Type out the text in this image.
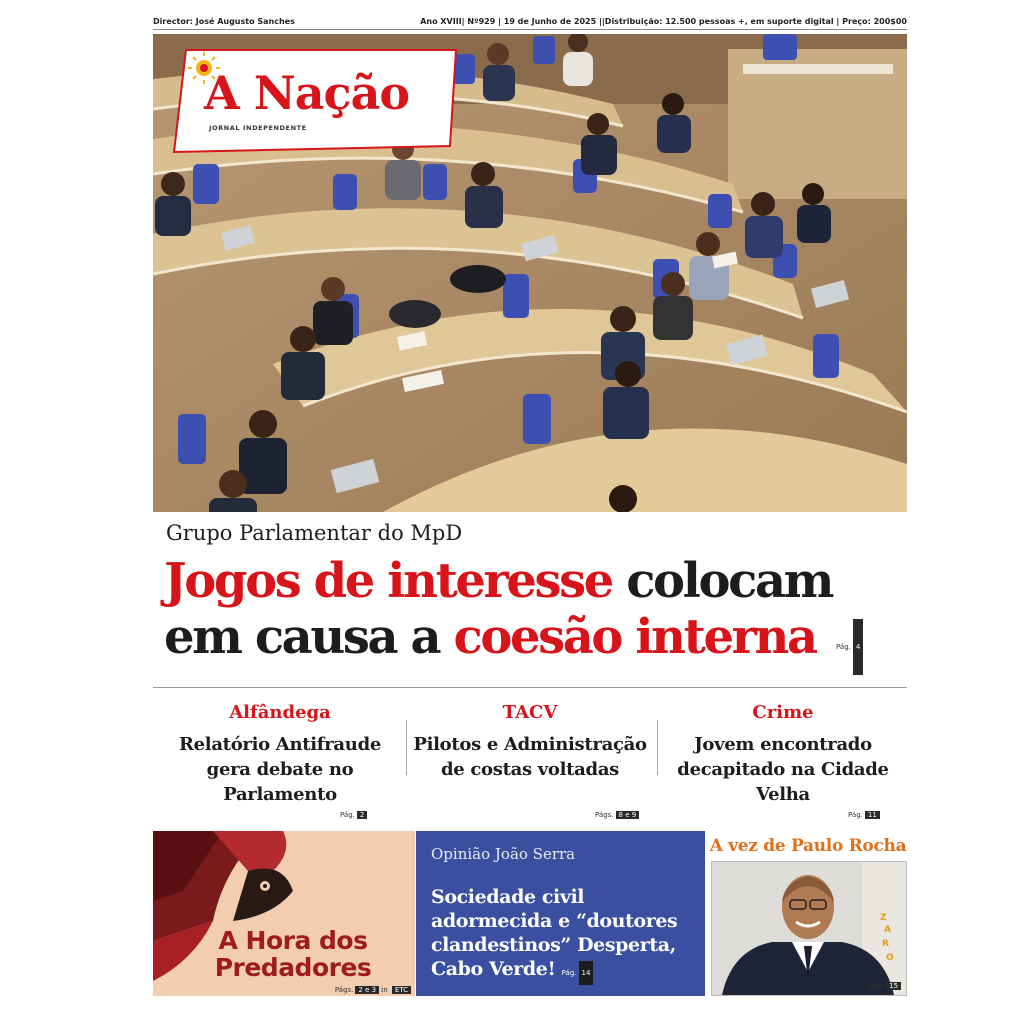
Director: José Augusto Sanches	Ano XVIII| Nº929 | 19 de Junho de 2025 ||Distribuição: 12.500 pessoas +, em suporte digital | Preço: 200$00
A Nação
JORNAL INDEPENDENTE
Grupo Parlamentar do MpD
Jogos de interesse colocam em causa a coesão interna	Pág. 4
Alfândega
Relatório Antifraude gera debate no Parlamento
Pág. 2
TACV
Pilotos e Administração de costas voltadas
Págs. 8 e 9
Crime
Jovem encontrado decapitado na Cidade Velha
Pág. 11
A Hora dos Predadores
Págs. 2 e 3 in ETC
Opinião João Serra
Sociedade civil adormecida e “doutores clandestinos” Desperta, Cabo Verde! Pág. 14
A vez de Paulo Rocha
Z
A
R
O
Pág. 15
